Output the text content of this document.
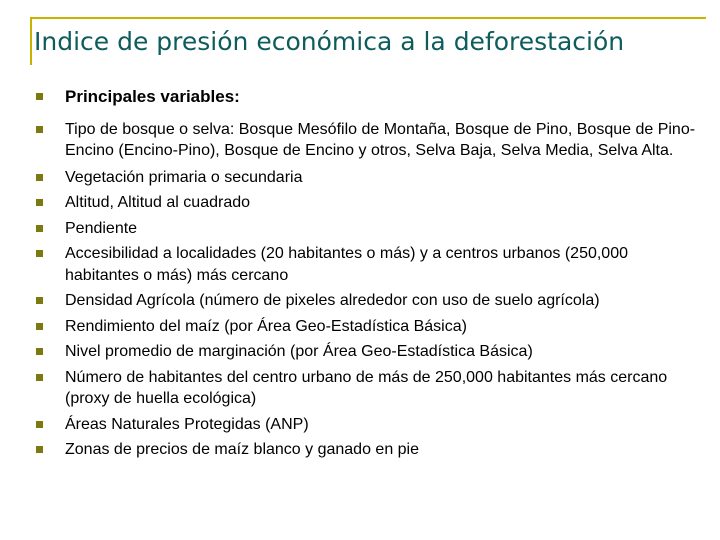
Indice de presión económica a la deforestación
Principales variables:
Tipo de bosque o selva: Bosque Mesófilo de Montaña, Bosque de Pino, Bosque de Pino-Encino (Encino-Pino), Bosque de Encino y otros, Selva Baja, Selva Media, Selva Alta.
Vegetación primaria o secundaria
Altitud, Altitud al cuadrado
Pendiente
Accesibilidad a localidades (20 habitantes o más) y a centros urbanos (250,000 habitantes o más) más cercano
Densidad Agrícola (número de pixeles alrededor con uso de suelo agrícola)
Rendimiento del maíz (por Área Geo-Estadística Básica)
Nivel promedio de marginación (por Área Geo-Estadística Básica)
Número de habitantes del centro urbano de más de 250,000 habitantes más cercano (proxy de huella ecológica)
Áreas Naturales Protegidas (ANP)
Zonas de precios de maíz blanco y ganado en pie
